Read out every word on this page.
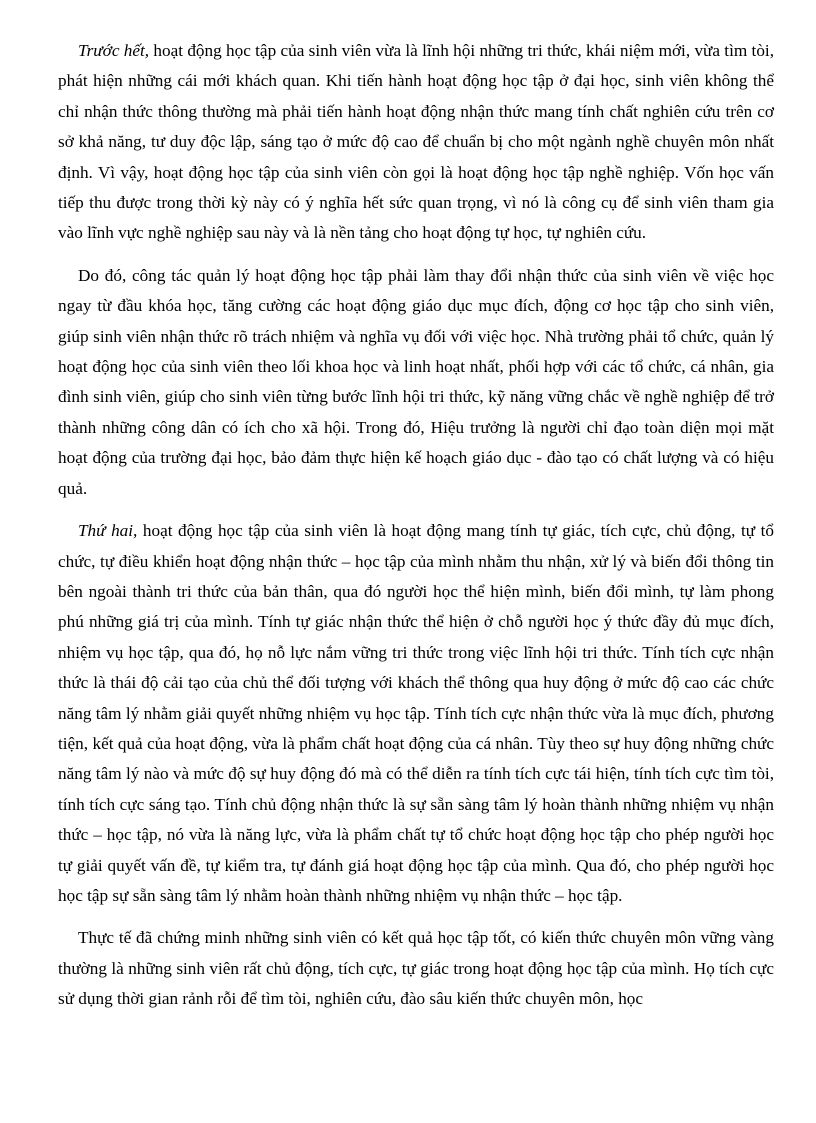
Trước hết, hoạt động học tập của sinh viên vừa là lĩnh hội những tri thức, khái niệm mới, vừa tìm tòi, phát hiện những cái mới khách quan. Khi tiến hành hoạt động học tập ở đại học, sinh viên không thể chỉ nhận thức thông thường mà phải tiến hành hoạt động nhận thức mang tính chất nghiên cứu trên cơ sở khả năng, tư duy độc lập, sáng tạo ở mức độ cao để chuẩn bị cho một ngành nghề chuyên môn nhất định. Vì vậy, hoạt động học tập của sinh viên còn gọi là hoạt động học tập nghề nghiệp. Vốn học vấn tiếp thu được trong thời kỳ này có ý nghĩa hết sức quan trọng, vì nó là công cụ để sinh viên tham gia vào lĩnh vực nghề nghiệp sau này và là nền tảng cho hoạt động tự học, tự nghiên cứu.

Do đó, công tác quản lý hoạt động học tập phải làm thay đổi nhận thức của sinh viên về việc học ngay từ đầu khóa học, tăng cường các hoạt động giáo dục mục đích, động cơ học tập cho sinh viên, giúp sinh viên nhận thức rõ trách nhiệm và nghĩa vụ đối với việc học. Nhà trường phải tổ chức, quản lý hoạt động học của sinh viên theo lối khoa học và linh hoạt nhất, phối hợp với các tổ chức, cá nhân, gia đình sinh viên, giúp cho sinh viên từng bước lĩnh hội tri thức, kỹ năng vững chắc về nghề nghiệp để trở thành những công dân có ích cho xã hội. Trong đó, Hiệu trưởng là người chỉ đạo toàn diện mọi mặt hoạt động của trường đại học, bảo đảm thực hiện kế hoạch giáo dục - đào tạo có chất lượng và có hiệu quả.

Thứ hai, hoạt động học tập của sinh viên là hoạt động mang tính tự giác, tích cực, chủ động, tự tổ chức, tự điều khiển hoạt động nhận thức – học tập của mình nhằm thu nhận, xử lý và biến đổi thông tin bên ngoài thành tri thức của bản thân, qua đó người học thể hiện mình, biến đổi mình, tự làm phong phú những giá trị của mình. Tính tự giác nhận thức thể hiện ở chỗ người học ý thức đầy đủ mục đích, nhiệm vụ học tập, qua đó, họ nỗ lực nắm vững tri thức trong việc lĩnh hội tri thức. Tính tích cực nhận thức là thái độ cải tạo của chủ thể đối tượng với khách thể thông qua huy động ở mức độ cao các chức năng tâm lý nhằm giải quyết những nhiệm vụ học tập. Tính tích cực nhận thức vừa là mục đích, phương tiện, kết quả của hoạt động, vừa là phẩm chất hoạt động của cá nhân. Tùy theo sự huy động những chức năng tâm lý nào và mức độ sự huy động đó mà có thể diễn ra tính tích cực tái hiện, tính tích cực tìm tòi, tính tích cực sáng tạo. Tính chủ động nhận thức là sự sẵn sàng tâm lý hoàn thành những nhiệm vụ nhận thức – học tập, nó vừa là năng lực, vừa là phẩm chất tự tổ chức hoạt động học tập cho phép người học tự giải quyết vấn đề, tự kiểm tra, tự đánh giá hoạt động học tập của mình. Qua đó, cho phép người học học tập sự sẵn sàng tâm lý nhằm hoàn thành những nhiệm vụ nhận thức – học tập.

Thực tế đã chứng minh những sinh viên có kết quả học tập tốt, có kiến thức chuyên môn vững vàng thường là những sinh viên rất chủ động, tích cực, tự giác trong hoạt động học tập của mình. Họ tích cực sử dụng thời gian rảnh rỗi để tìm tòi, nghiên cứu, đào sâu kiến thức chuyên môn, học
